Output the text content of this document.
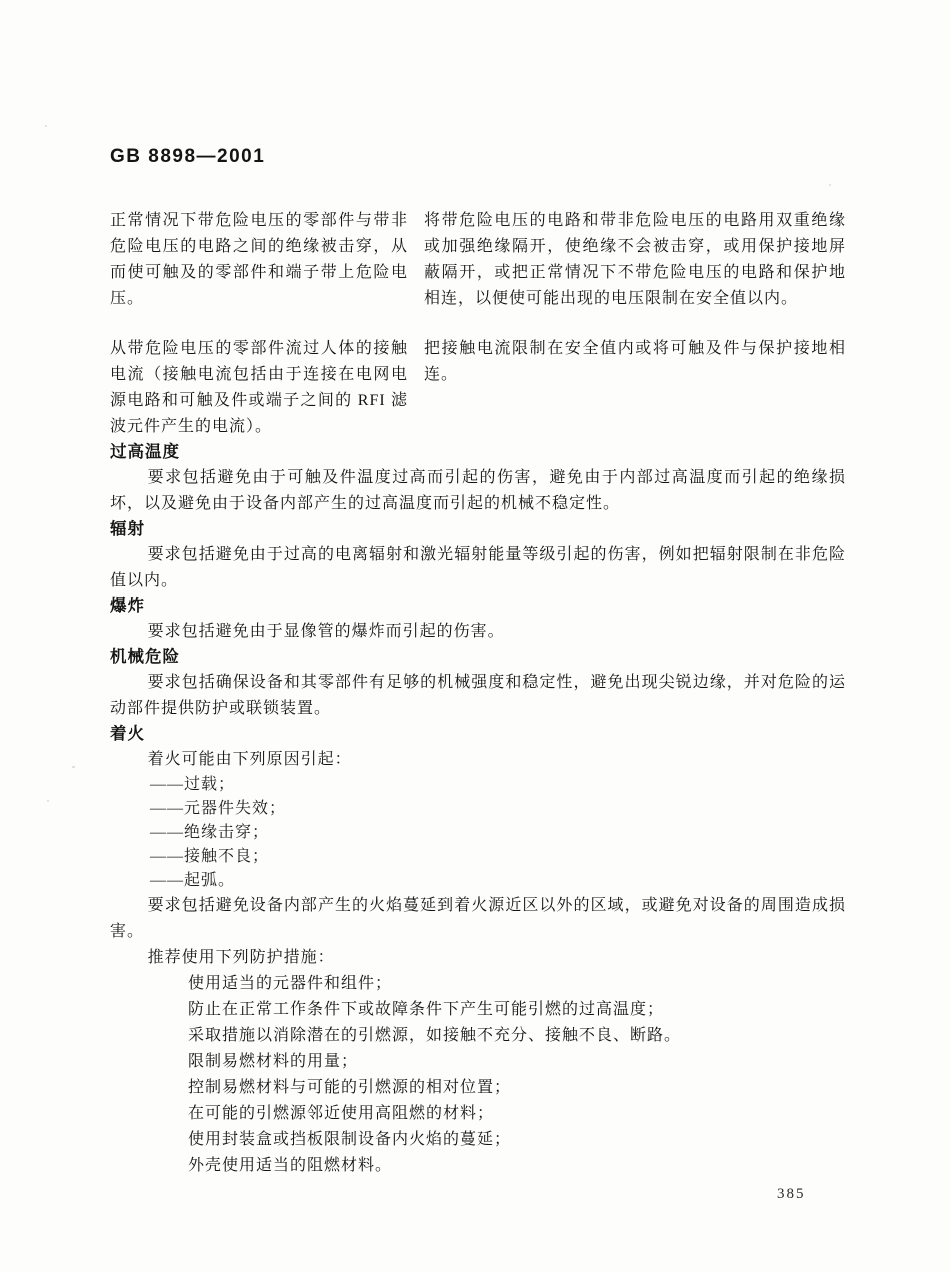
GB 8898—2001

正常情况下带危险电压的零部件与带非危险电压的电路之间的绝缘被击穿，从而使可触及的零部件和端子带上危险电压。

将带危险电压的电路和带非危险电压的电路用双重绝缘或加强绝缘隔开，使绝缘不会被击穿，或用保护接地屏蔽隔开，或把正常情况下不带危险电压的电路和保护地相连，以便使可能出现的电压限制在安全值以内。

从带危险电压的零部件流过人体的接触电流（接触电流包括由于连接在电网电源电路和可触及件或端子之间的 RFI 滤波元件产生的电流）。

把接触电流限制在安全值内或将可触及件与保护接地相连。

过高温度

要求包括避免由于可触及件温度过高而引起的伤害，避免由于内部过高温度而引起的绝缘损坏，以及避免由于设备内部产生的过高温度而引起的机械不稳定性。

辐射

要求包括避免由于过高的电离辐射和激光辐射能量等级引起的伤害，例如把辐射限制在非危险值以内。

爆炸

要求包括避免由于显像管的爆炸而引起的伤害。

机械危险

要求包括确保设备和其零部件有足够的机械强度和稳定性，避免出现尖锐边缘，并对危险的运动部件提供防护或联锁装置。

着火

着火可能由下列原因引起：

——过载；

——元器件失效；

——绝缘击穿；

——接触不良；

——起弧。

要求包括避免设备内部产生的火焰蔓延到着火源近区以外的区域，或避免对设备的周围造成损害。

推荐使用下列防护措施：

使用适当的元器件和组件；

防止在正常工作条件下或故障条件下产生可能引燃的过高温度；

采取措施以消除潜在的引燃源，如接触不充分、接触不良、断路。

限制易燃材料的用量；

控制易燃材料与可能的引燃源的相对位置；

在可能的引燃源邻近使用高阻燃的材料；

使用封装盒或挡板限制设备内火焰的蔓延；

外壳使用适当的阻燃材料。

385
